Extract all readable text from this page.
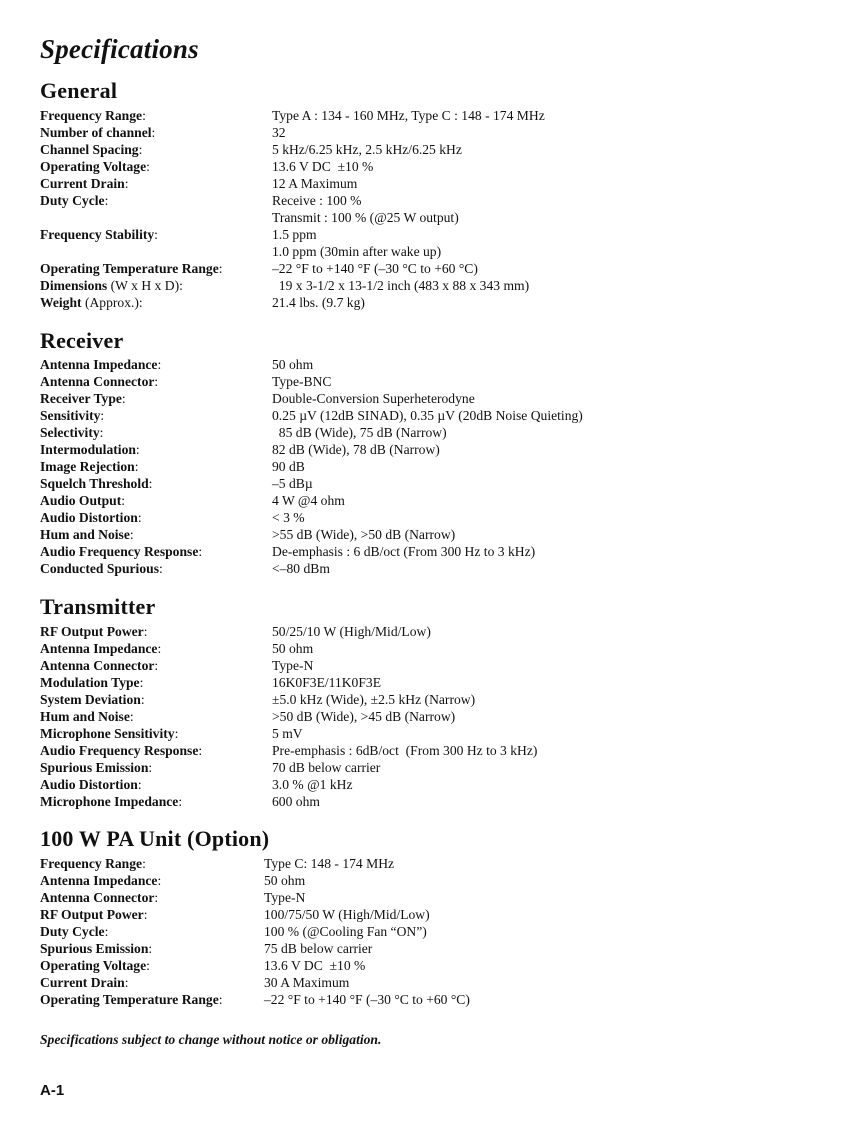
Specifications
General
Frequency Range:	Type A : 134 - 160 MHz, Type C : 148 - 174 MHz
Number of channel:	32
Channel Spacing:	5 kHz/6.25 kHz, 2.5 kHz/6.25 kHz
Operating Voltage:	13.6 V DC  ±10 %
Current Drain:	12 A Maximum
Duty Cycle:	Receive : 100 %
Transmit : 100 % (@25 W output)
Frequency Stability:	1.5 ppm
1.0 ppm (30min after wake up)
Operating Temperature Range:	–22 °F to +140 °F (–30 °C to +60 °C)
Dimensions (W x H x D):	19 x 3-1/2 x 13-1/2 inch (483 x 88 x 343 mm)
Weight (Approx.):	21.4 lbs. (9.7 kg)
Receiver
Antenna Impedance:	50 ohm
Antenna Connector:	Type-BNC
Receiver Type:	Double-Conversion Superheterodyne
Sensitivity:	0.25 µV (12dB SINAD), 0.35 µV (20dB Noise Quieting)
Selectivity:	85 dB (Wide), 75 dB (Narrow)
Intermodulation:	82 dB (Wide), 78 dB (Narrow)
Image Rejection:	90 dB
Squelch Threshold:	–5 dBµ
Audio Output:	4 W @4 ohm
Audio Distortion:	< 3 %
Hum and Noise:	>55 dB (Wide), >50 dB (Narrow)
Audio Frequency Response:	De-emphasis : 6 dB/oct (From 300 Hz to 3 kHz)
Conducted Spurious:	<–80 dBm
Transmitter
RF Output Power:	50/25/10 W (High/Mid/Low)
Antenna Impedance:	50 ohm
Antenna Connector:	Type-N
Modulation Type:	16K0F3E/11K0F3E
System Deviation:	±5.0 kHz (Wide), ±2.5 kHz (Narrow)
Hum and Noise:	>50 dB (Wide), >45 dB (Narrow)
Microphone Sensitivity:	5 mV
Audio Frequency Response:	Pre-emphasis : 6dB/oct  (From 300 Hz to 3 kHz)
Spurious Emission:	70 dB below carrier
Audio Distortion:	3.0 % @1 kHz
Microphone Impedance:	600 ohm
100 W PA Unit (Option)
Frequency Range:	Type C: 148 - 174 MHz
Antenna Impedance:	50 ohm
Antenna Connector:	Type-N
RF Output Power:	100/75/50 W (High/Mid/Low)
Duty Cycle:	100 % (@Cooling Fan “ON”)
Spurious Emission:	75 dB below carrier
Operating Voltage:	13.6 V DC  ±10 %
Current Drain:	30 A Maximum
Operating Temperature Range:	–22 °F to +140 °F (–30 °C to +60 °C)

Specifications subject to change without notice or obligation.

A-1
